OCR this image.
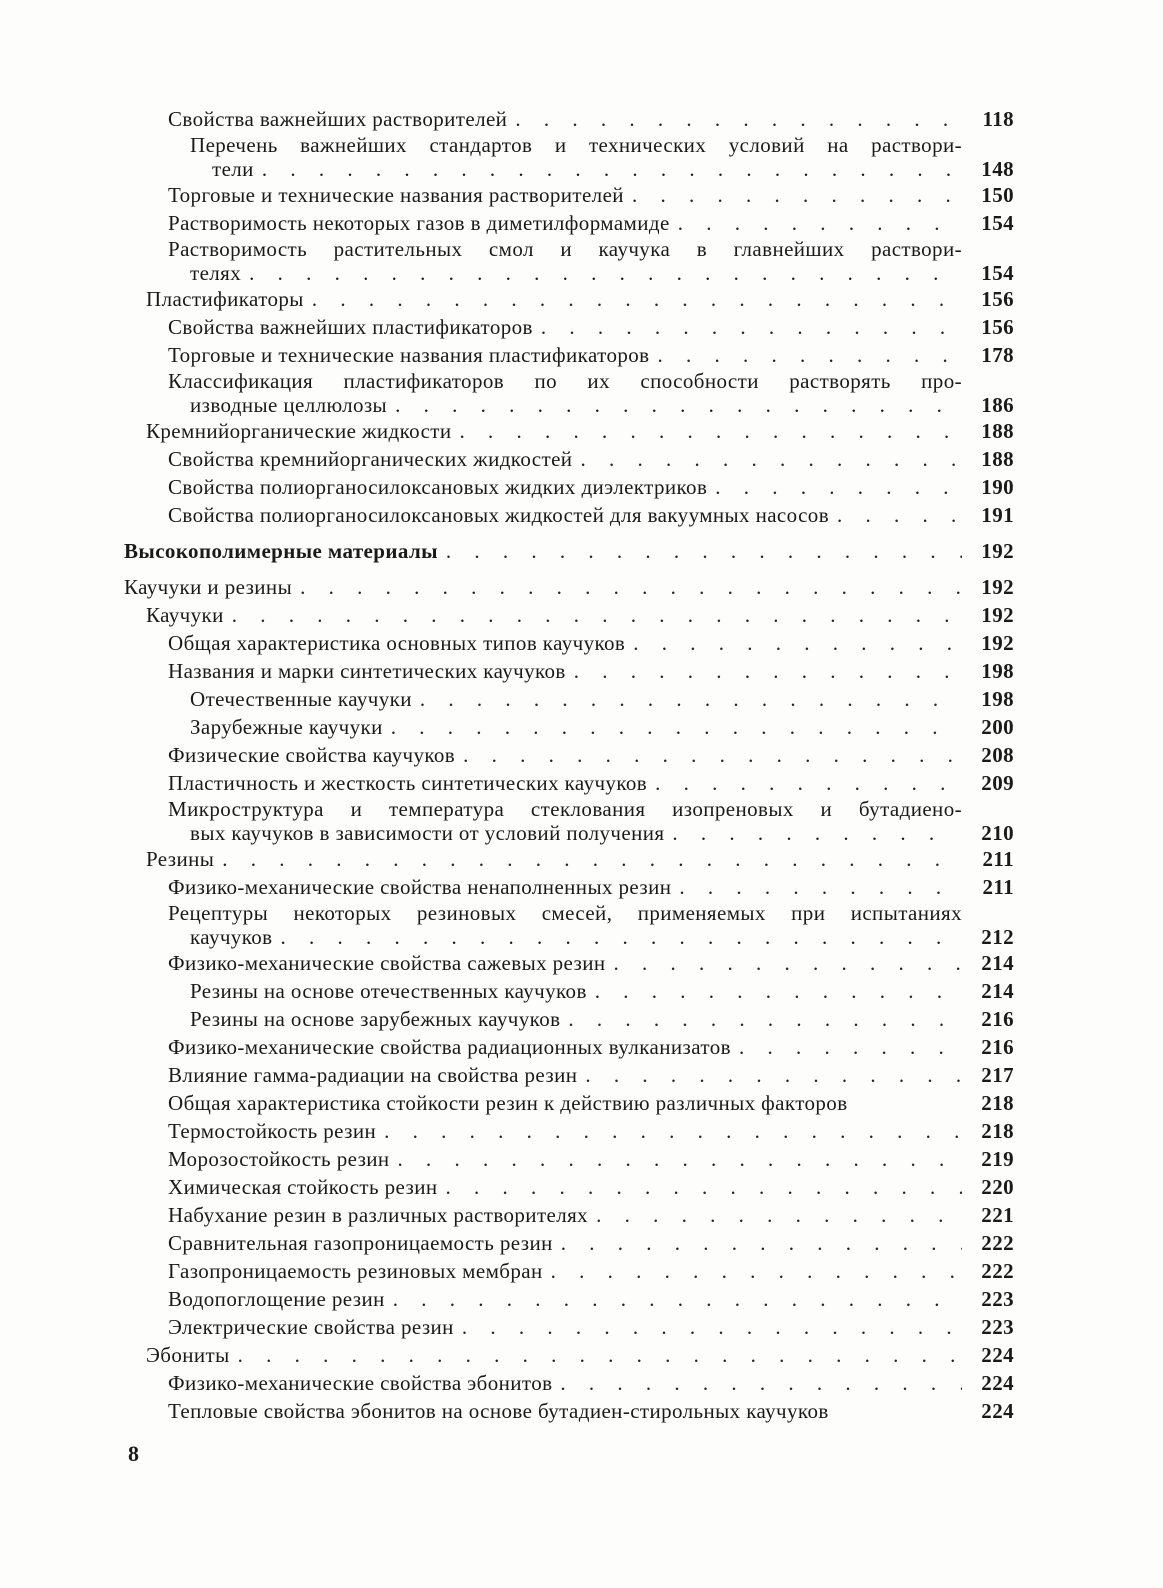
Свойства важнейших растворителей . . .	118
Перечень важнейших стандартов и технических условий на раствори-
тели . . .	148
Торговые и технические названия растворителей . . .	150
Растворимость некоторых газов в диметилформамиде . . .	154
Растворимость растительных смол и каучука в главнейших раствори-
телях . . .	154
Пластификаторы . . .	156
Свойства важнейших пластификаторов . . .	156
Торговые и технические названия пластификаторов . . .	178
Классификация пластификаторов по их способности растворять про-
изводные целлюлозы . . .	186
Кремнийорганические жидкости . . .	188
Свойства кремнийорганических жидкостей . . .	188
Свойства полиорганосилоксановых жидких диэлектриков . . .	190
Свойства полиорганосилоксановых жидкостей для вакуумных насосов . . .	191
Высокополимерные материалы . . .	192
Каучуки и резины . . .	192
Каучуки . . .	192
Общая характеристика основных типов каучуков . . .	192
Названия и марки синтетических каучуков . . .	198
Отечественные каучуки . . .	198
Зарубежные каучуки . . .	200
Физические свойства каучуков . . .	208
Пластичность и жесткость синтетических каучуков . . .	209
Микроструктура и температура стеклования изопреновых и бутадиено-
вых каучуков в зависимости от условий получения . . .	210
Резины . . .	211
Физико-механические свойства ненаполненных резин . . .	211
Рецептуры некоторых резиновых смесей, применяемых при испытаниях
каучуков . . .	212
Физико-механические свойства сажевых резин . . .	214
Резины на основе отечественных каучуков . . .	214
Резины на основе зарубежных каучуков . . .	216
Физико-механические свойства радиационных вулканизатов . . .	216
Влияние гамма-радиации на свойства резин . . .	217
Общая характеристика стойкости резин к действию различных факторов	218
Термостойкость резин . . .	218
Морозостойкость резин . . .	219
Химическая стойкость резин . . .	220
Набухание резин в различных растворителях . . .	221
Сравнительная газопроницаемость резин . . .	222
Газопроницаемость резиновых мембран . . .	222
Водопоглощение резин . . .	223
Электрические свойства резин . . .	223
Эбониты . . .	224
Физико-механические свойства эбонитов . . .	224
Тепловые свойства эбонитов на основе бутадиен-стирольных каучуков	224
8
